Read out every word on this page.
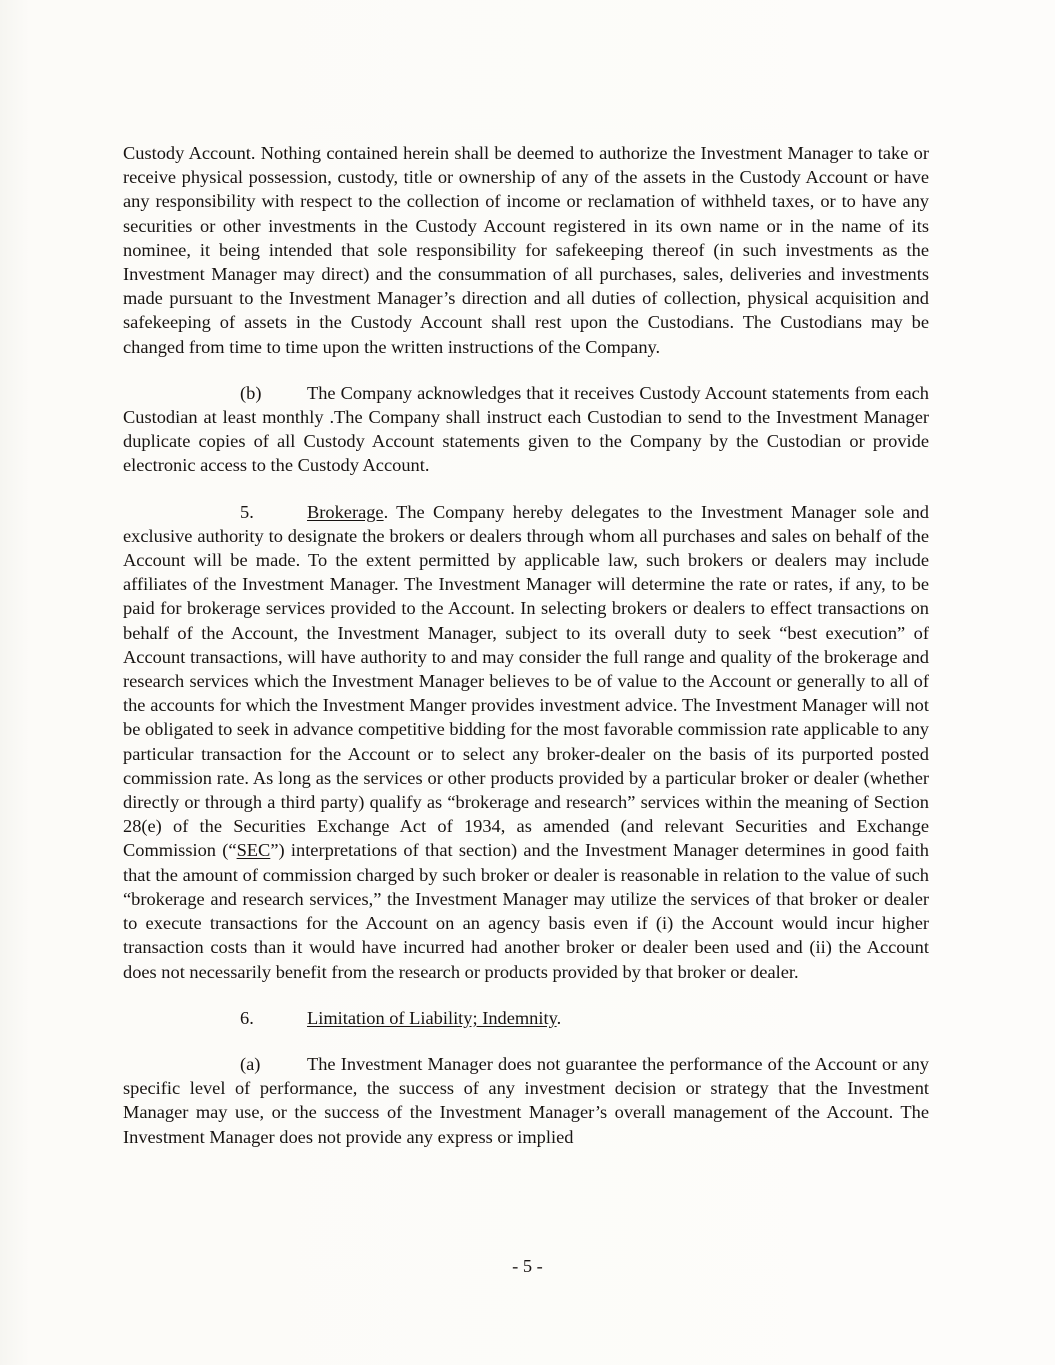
Custody Account. Nothing contained herein shall be deemed to authorize the Investment Manager to take or receive physical possession, custody, title or ownership of any of the assets in the Custody Account or have any responsibility with respect to the collection of income or reclamation of withheld taxes, or to have any securities or other investments in the Custody Account registered in its own name or in the name of its nominee, it being intended that sole responsibility for safekeeping thereof (in such investments as the Investment Manager may direct) and the consummation of all purchases, sales, deliveries and investments made pursuant to the Investment Manager’s direction and all duties of collection, physical acquisition and safekeeping of assets in the Custody Account shall rest upon the Custodians. The Custodians may be changed from time to time upon the written instructions of the Company.

(b) The Company acknowledges that it receives Custody Account statements from each Custodian at least monthly .The Company shall instruct each Custodian to send to the Investment Manager duplicate copies of all Custody Account statements given to the Company by the Custodian or provide electronic access to the Custody Account.

5.	Brokerage. The Company hereby delegates to the Investment Manager sole and exclusive authority to designate the brokers or dealers through whom all purchases and sales on behalf of the Account will be made. To the extent permitted by applicable law, such brokers or dealers may include affiliates of the Investment Manager. The Investment Manager will determine the rate or rates, if any, to be paid for brokerage services provided to the Account. In selecting brokers or dealers to effect transactions on behalf of the Account, the Investment Manager, subject to its overall duty to seek “best execution” of Account transactions, will have authority to and may consider the full range and quality of the brokerage and research services which the Investment Manager believes to be of value to the Account or generally to all of the accounts for which the Investment Manger provides investment advice. The Investment Manager will not be obligated to seek in advance competitive bidding for the most favorable commission rate applicable to any particular transaction for the Account or to select any broker-dealer on the basis of its purported posted commission rate. As long as the services or other products provided by a particular broker or dealer (whether directly or through a third party) qualify as “brokerage and research” services within the meaning of Section 28(e) of the Securities Exchange Act of 1934, as amended (and relevant Securities and Exchange Commission (“SEC”) interpretations of that section) and the Investment Manager determines in good faith that the amount of commission charged by such broker or dealer is reasonable in relation to the value of such “brokerage and research services,” the Investment Manager may utilize the services of that broker or dealer to execute transactions for the Account on an agency basis even if (i) the Account would incur higher transaction costs than it would have incurred had another broker or dealer been used and (ii) the Account does not necessarily benefit from the research or products provided by that broker or dealer.

6.	Limitation of Liability; Indemnity.

(a)	The Investment Manager does not guarantee the performance of the Account or any specific level of performance, the success of any investment decision or strategy that the Investment Manager may use, or the success of the Investment Manager’s overall management of the Account. The Investment Manager does not provide any express or implied

- 5 -
